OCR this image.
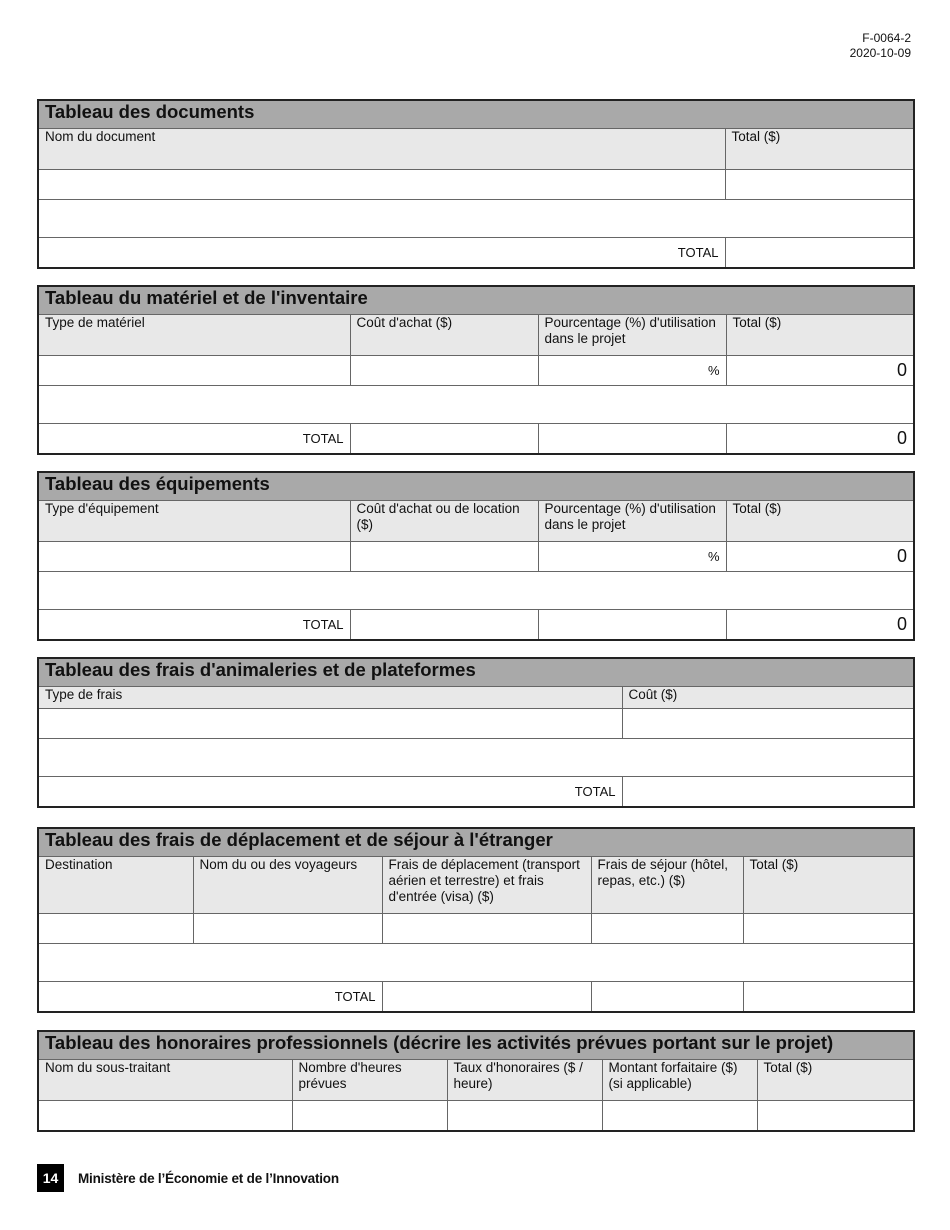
F-0064-2
2020-10-09
Tableau des documents	
Nom du document	Total ($)

TOTAL	
Tableau du matériel et de l'inventaire			
Type de matériel	Coût d'achat ($)	Pourcentage (%) d'utilisation dans le projet	Total ($)
		%	0

TOTAL			0
Tableau des équipements			
Type d'équipement	Coût d'achat ou de location ($)	Pourcentage (%) d'utilisation dans le projet	Total ($)
		%	0

TOTAL			0
Tableau des frais d'animaleries et de plateformes	
Type de frais	Coût ($)

TOTAL	
Tableau des frais de déplacement et de séjour à l'étranger				
Destination	Nom du ou des voyageurs	Frais de déplacement (transport aérien et terrestre) et frais d'entrée (visa) ($)	Frais de séjour (hôtel, repas, etc.) ($)	Total ($)

TOTAL				
Tableau des honoraires professionnels (décrire les activités prévues portant sur le projet)				
Nom du sous-traitant	Nombre d'heures prévues	Taux d'honoraires ($ / heure)	Montant forfaitaire ($) (si applicable)	Total ($)

14	Ministère de l’Économie et de l’Innovation
